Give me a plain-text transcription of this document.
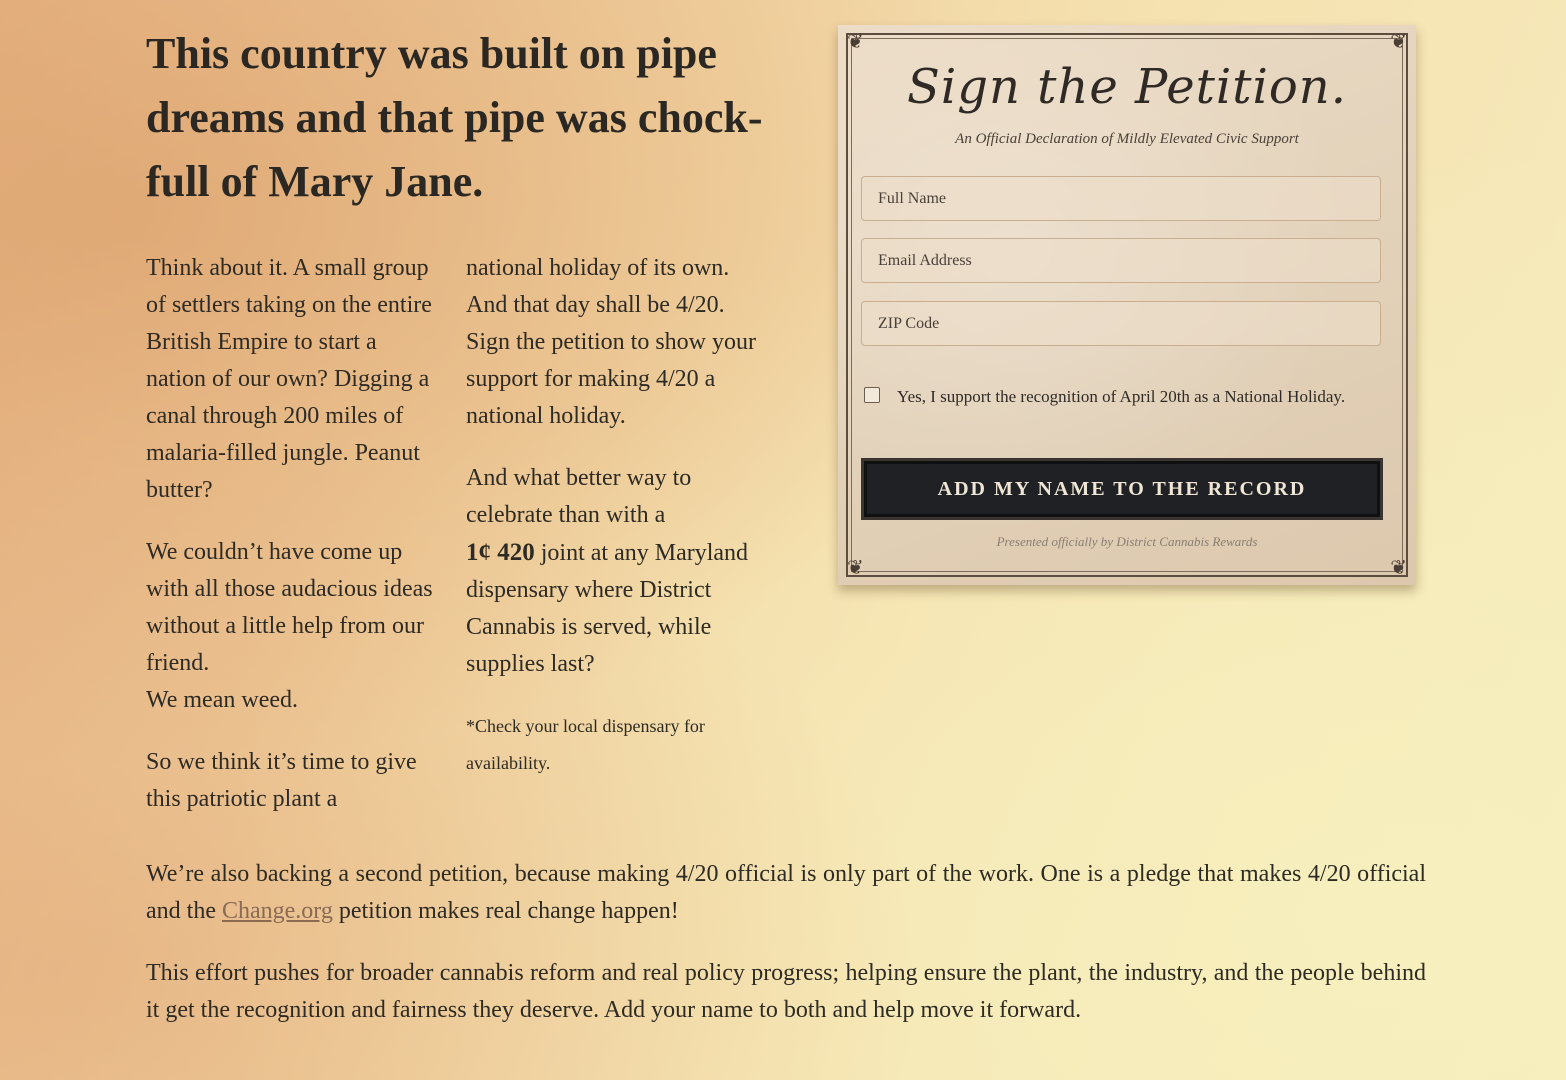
This country was built on pipe dreams and that pipe was chock-full of Mary Jane.

Think about it. A small group of settlers taking on the entire British Empire to start a nation of our own? Digging a canal through 200 miles of malaria-filled jungle. Peanut butter?

We couldn’t have come up with all those audacious ideas without a little help from our friend.
We mean weed.

So we think it’s time to give this patriotic plant a

national holiday of its own. And that day shall be 4/20. Sign the petition to show your support for making 4/20 a national holiday.

And what better way to celebrate than with a
1¢ 420 joint at any Maryland dispensary where District Cannabis is served, while supplies last?

*Check your local dispensary for availability.

We’re also backing a second petition, because making 4/20 official is only part of the work. One is a pledge that makes 4/20 official and the Change.org petition makes real change happen!

This effort pushes for broader cannabis reform and real policy progress; helping ensure the plant, the industry, and the people behind it get the recognition and fairness they deserve. Add your name to both and help move it forward.

❦	❦
❦	❦
Sign the Petition.
An Official Declaration of Mildly Elevated Civic Support
Full Name
Email Address
ZIP Code
Yes, I support the recognition of April 20th as a National Holiday.
ADD MY NAME TO THE RECORD
Presented officially by District Cannabis Rewards
